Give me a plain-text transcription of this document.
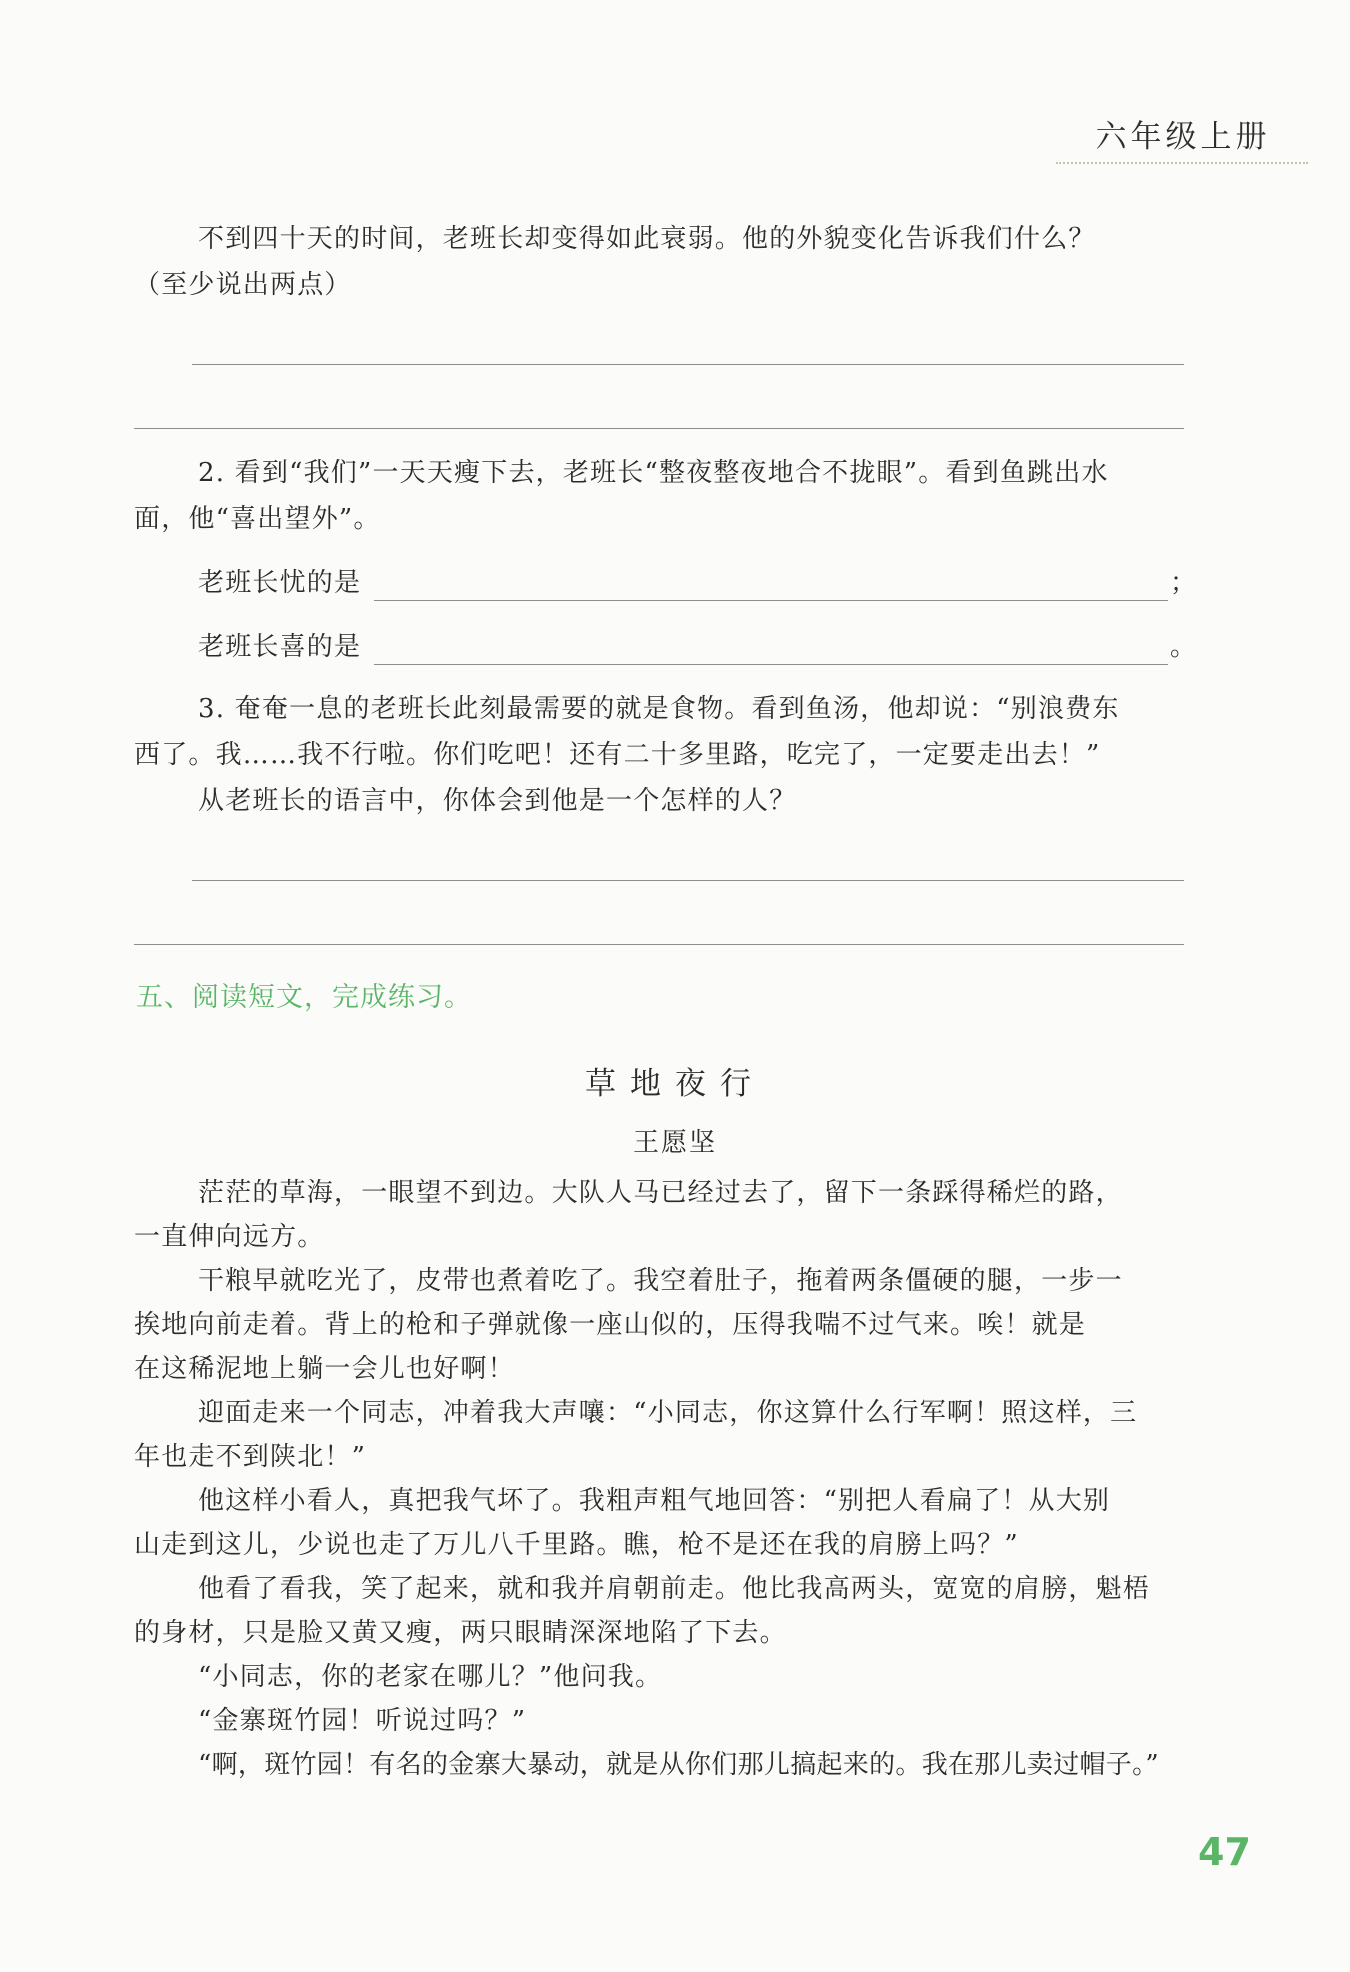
六年级上册
不到四十天的时间，老班长却变得如此衰弱。他的外貌变化告诉我们什么？
（至少说出两点）
2. 看到“我们”一天天瘦下去，老班长“整夜整夜地合不拢眼”。看到鱼跳出水
面，他“喜出望外”。
老班长忧的是	；
老班长喜的是	。
3. 奄奄一息的老班长此刻最需要的就是食物。看到鱼汤，他却说：“别浪费东
西了。我……我不行啦。你们吃吧！还有二十多里路，吃完了，一定要走出去！”
从老班长的语言中，你体会到他是一个怎样的人？
五、阅读短文，完成练习。
草地夜行
王愿坚
茫茫的草海，一眼望不到边。大队人马已经过去了，留下一条踩得稀烂的路，
一直伸向远方。
干粮早就吃光了，皮带也煮着吃了。我空着肚子，拖着两条僵硬的腿，一步一
挨地向前走着。背上的枪和子弹就像一座山似的，压得我喘不过气来。唉！就是
在这稀泥地上躺一会儿也好啊！
迎面走来一个同志，冲着我大声嚷：“小同志，你这算什么行军啊！照这样，三
年也走不到陕北！”
他这样小看人，真把我气坏了。我粗声粗气地回答：“别把人看扁了！从大别
山走到这儿，少说也走了万儿八千里路。瞧，枪不是还在我的肩膀上吗？”
他看了看我，笑了起来，就和我并肩朝前走。他比我高两头，宽宽的肩膀，魁梧
的身材，只是脸又黄又瘦，两只眼睛深深地陷了下去。
“小同志，你的老家在哪儿？”他问我。
“金寨斑竹园！听说过吗？”
“啊，斑竹园！有名的金寨大暴动，就是从你们那儿搞起来的。我在那儿卖过帽子。”
47
